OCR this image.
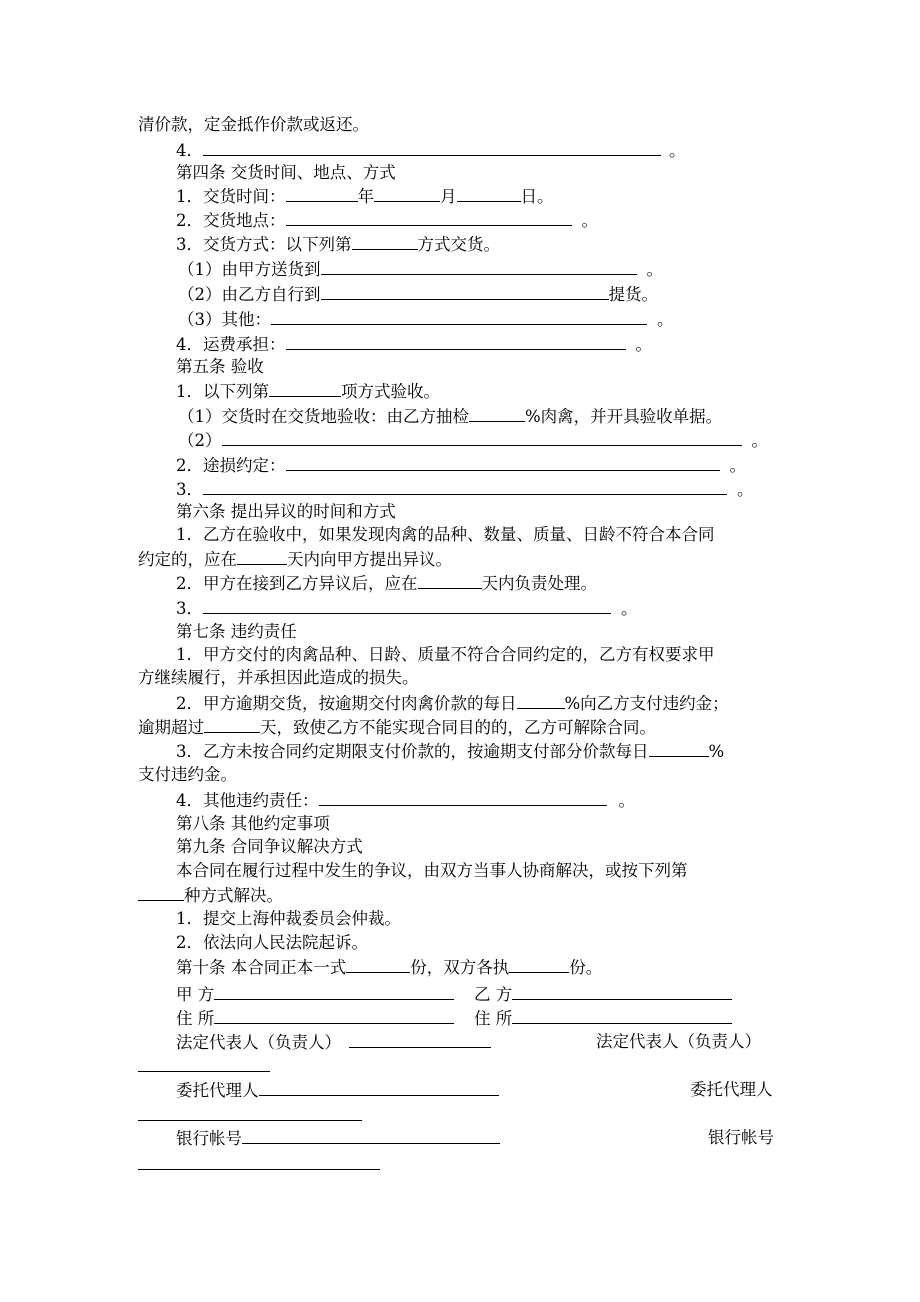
清价款，定金抵作价款或返还。
4．	。
第四条 交货时间、地点、方式
1．交货时间：	年	月	日。
2．交货地点：	。
3．交货方式：以下列第	方式交货。
（1）由甲方送货到	。
（2）由乙方自行到	提货。
（3）其他：	。
4．运费承担：	。
第五条 验收
1．以下列第	项方式验收。
（1）交货时在交货地验收：由乙方抽检	%肉禽，并开具验收单据。
（2）	。
2．途损约定：	。
3．	。
第六条 提出异议的时间和方式
1．乙方在验收中，如果发现肉禽的品种、数量、质量、日龄不符合本合同
约定的，应在	天内向甲方提出异议。
2．甲方在接到乙方异议后，应在	天内负责处理。
3．	。
第七条 违约责任
1．甲方交付的肉禽品种、日龄、质量不符合合同约定的，乙方有权要求甲
方继续履行，并承担因此造成的损失。
2．甲方逾期交货，按逾期交付肉禽价款的每日	%向乙方支付违约金；
逾期超过	天，致使乙方不能实现合同目的的，乙方可解除合同。
3．乙方未按合同约定期限支付价款的，按逾期支付部分价款每日	%
支付违约金。
4．其他违约责任：	。
第八条 其他约定事项
第九条 合同争议解决方式
本合同在履行过程中发生的争议，由双方当事人协商解决，或按下列第
种方式解决。
1．提交上海仲裁委员会仲裁。
2．依法向人民法院起诉。
第十条 本合同正本一式	份，双方各执	份。
甲 方	乙 方
住 所	住 所
法定代表人（负责人）	法定代表人（负责人）
委托代理人	委托代理人
银行帐号	银行帐号
